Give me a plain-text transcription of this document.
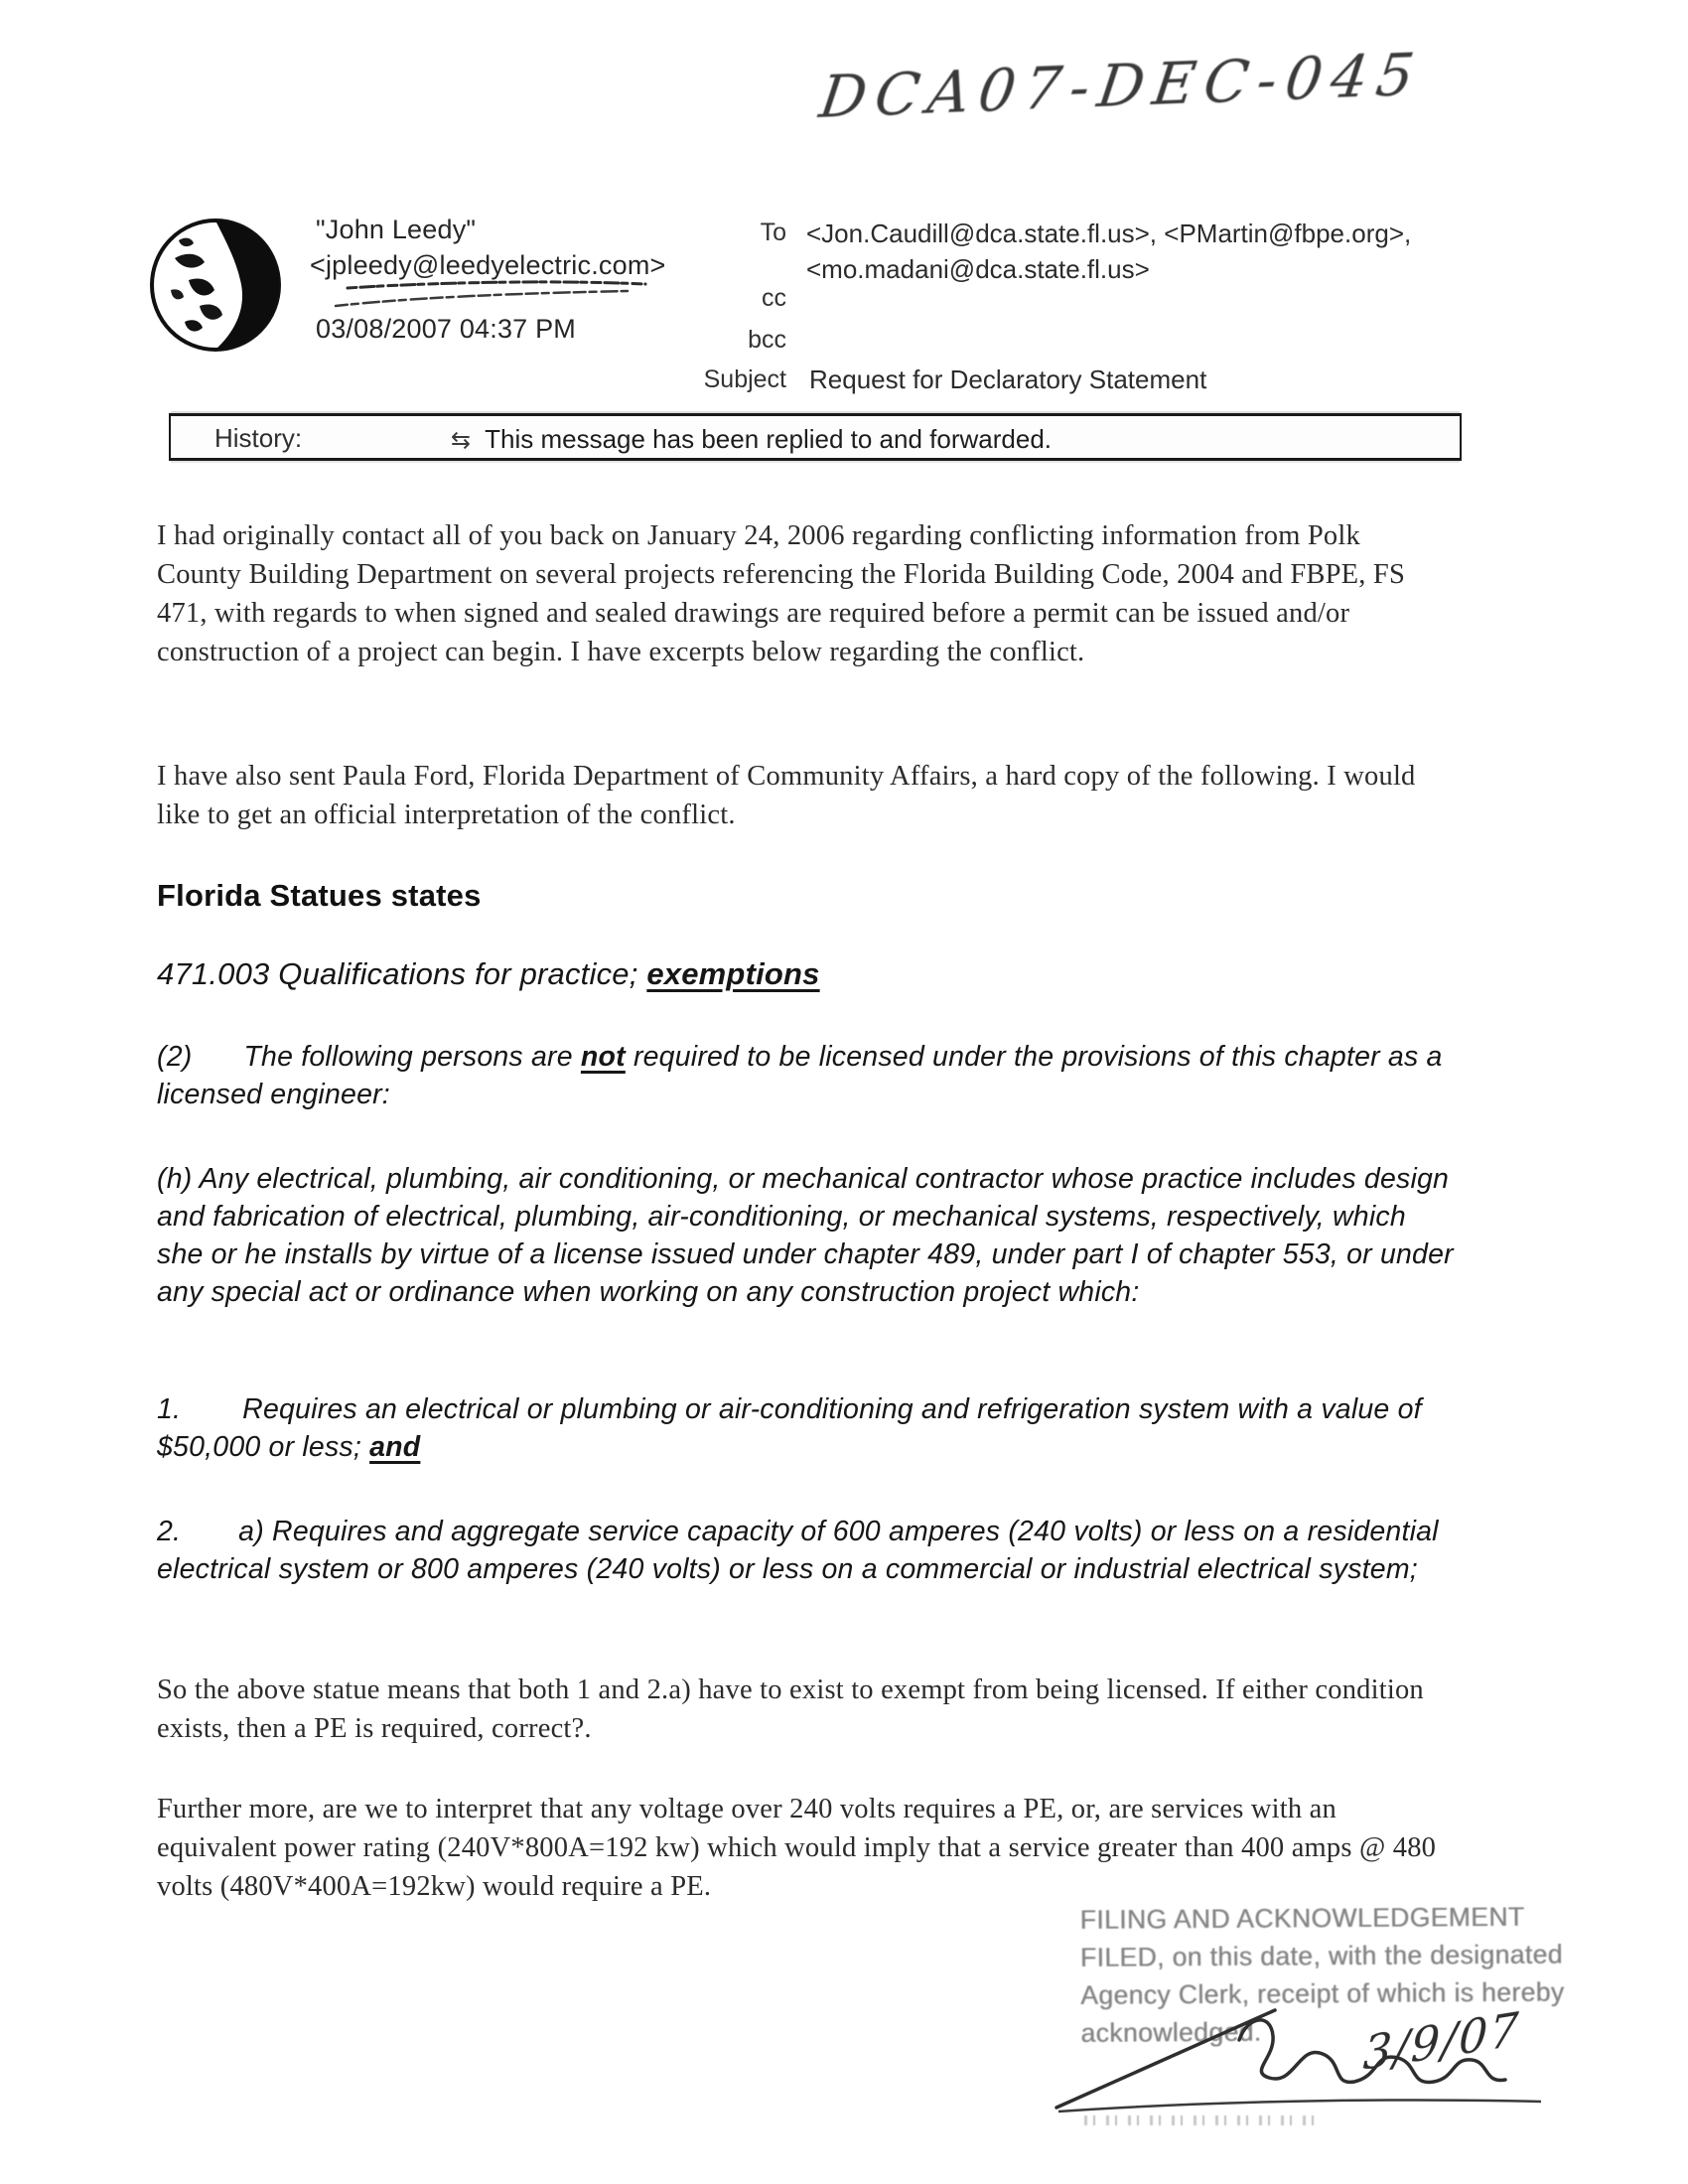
DCA07-DEC-045
"John Leedy"
<jpleedy@leedyelectric.com>
03/08/2007 04:37 PM
To <Jon.Caudill@dca.state.fl.us>, <PMartin@fbpe.org>,
<mo.madani@dca.state.fl.us>
cc
bcc
Subject Request for Declaratory Statement
History:	⇆ This message has been replied to and forwarded.
I had originally contact all of you back on January 24, 2006 regarding conflicting information from Polk County Building Department on several projects referencing the Florida Building Code, 2004 and FBPE, FS 471, with regards to when signed and sealed drawings are required before a permit can be issued and/or construction of a project can begin. I have excerpts below regarding the conflict.
I have also sent Paula Ford, Florida Department of Community Affairs, a hard copy of the following. I would like to get an official interpretation of the conflict.
Florida Statues states
471.003 Qualifications for practice; exemptions
(2) The following persons are not required to be licensed under the provisions of this chapter as a licensed engineer:
(h) Any electrical, plumbing, air conditioning, or mechanical contractor whose practice includes design and fabrication of electrical, plumbing, air-conditioning, or mechanical systems, respectively, which she or he installs by virtue of a license issued under chapter 489, under part I of chapter 553, or under any special act or ordinance when working on any construction project which:
1. Requires an electrical or plumbing or air-conditioning and refrigeration system with a value of $50,000 or less; and
2. a) Requires and aggregate service capacity of 600 amperes (240 volts) or less on a residential electrical system or 800 amperes (240 volts) or less on a commercial or industrial electrical system;
So the above statue means that both 1 and 2.a) have to exist to exempt from being licensed. If either condition exists, then a PE is required, correct?.
Further more, are we to interpret that any voltage over 240 volts requires a PE, or, are services with an equivalent power rating (240V*800A=192 kw) which would imply that a service greater than 400 amps @ 480 volts (480V*400A=192kw) would require a PE.
FILING AND ACKNOWLEDGEMENT
FILED, on this date, with the designated
Agency Clerk, receipt of which is hereby
acknowledged.	3/9/07
